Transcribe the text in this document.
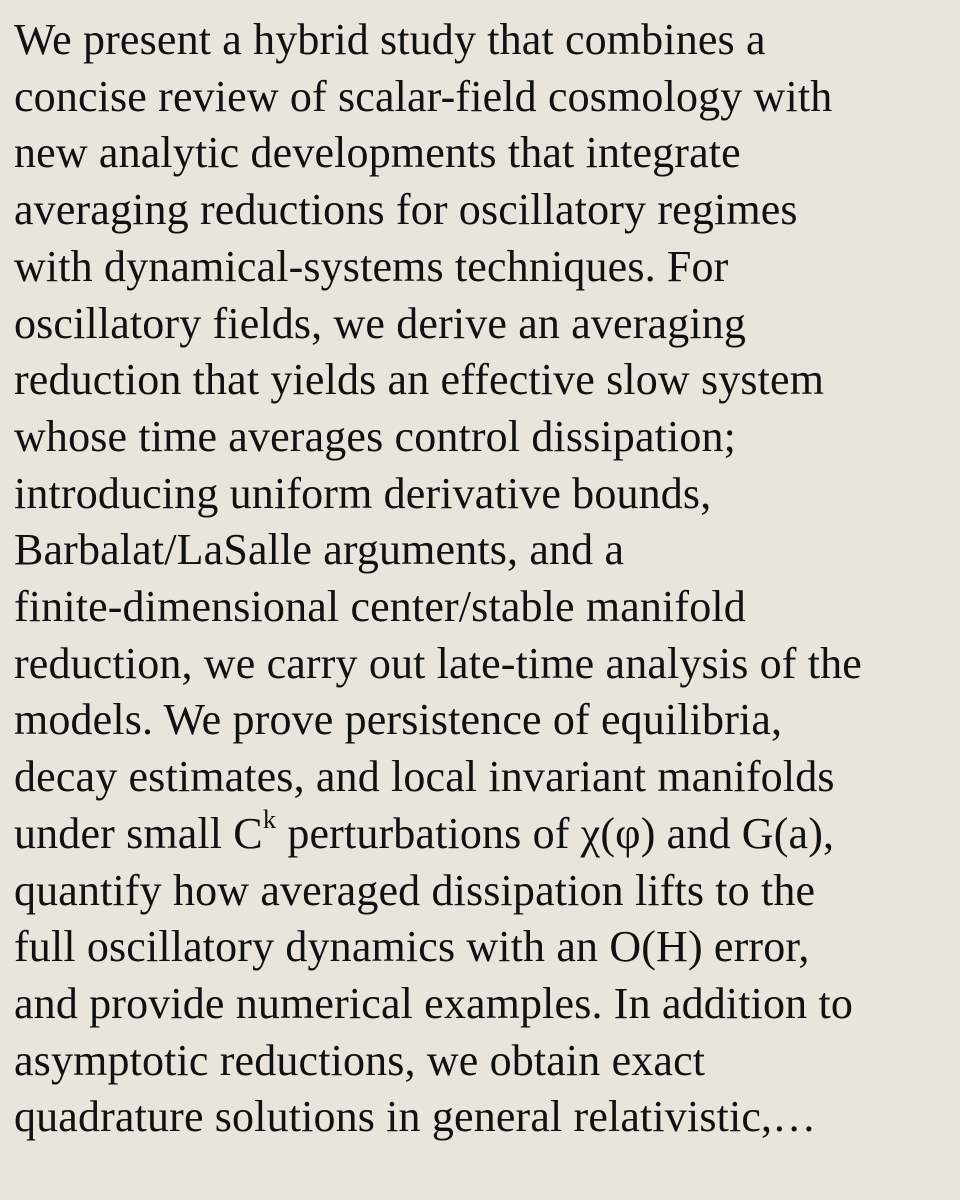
We present a hybrid study that combines a
concise review of scalar-field cosmology with
new analytic developments that integrate
averaging reductions for oscillatory regimes
with dynamical-systems techniques. For
oscillatory fields, we derive an averaging
reduction that yields an effective slow system
whose time averages control dissipation;
introducing uniform derivative bounds,
Barbalat/LaSalle arguments, and a
finite-dimensional center/stable manifold
reduction, we carry out late-time analysis of the
models. We prove persistence of equilibria,
decay estimates, and local invariant manifolds
under small $C^k$ perturbations of χ(φ) and G(a),
quantify how averaged dissipation lifts to the
full oscillatory dynamics with an O(H) error,
and provide numerical examples. In addition to
asymptotic reductions, we obtain exact
quadrature solutions in general relativistic,…
